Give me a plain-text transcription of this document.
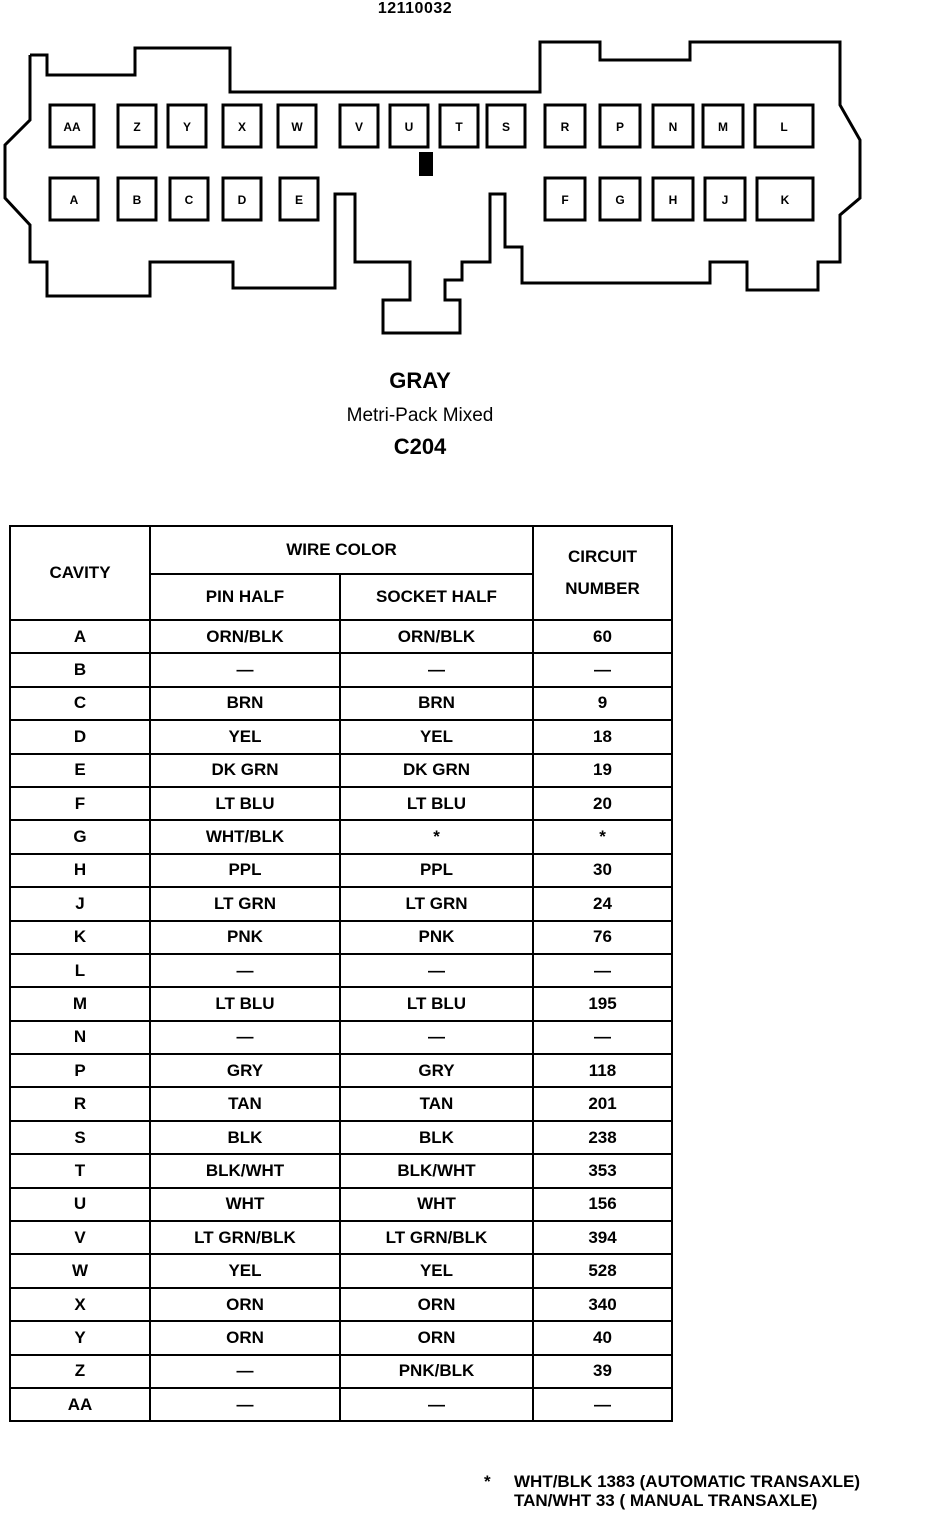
12110032
AA	Z	Y	X	W	V	U	T	S	R	P	N	M	L
A	B	C	D	E	F	G	H	J	K
GRAY
Metri-Pack Mixed
C204
CAVITY	WIRE COLOR		CIRCUIT
NUMBER

	PIN HALF	SOCKET HALF	
A	ORN/BLK	ORN/BLK	60
B	—	—	—
C	BRN	BRN	9
D	YEL	YEL	18
E	DK GRN	DK GRN	19
F	LT BLU	LT BLU	20
G	WHT/BLK	*	*
H	PPL	PPL	30
J	LT GRN	LT GRN	24
K	PNK	PNK	76
L	—	—	—
M	LT BLU	LT BLU	195
N	—	—	—
P	GRY	GRY	118
R	TAN	TAN	201
S	BLK	BLK	238
T	BLK/WHT	BLK/WHT	353
U	WHT	WHT	156
V	LT GRN/BLK	LT GRN/BLK	394
W	YEL	YEL	528
X	ORN	ORN	340
Y	ORN	ORN	40
Z	—	PNK/BLK	39
AA	—	—	—
* WHT/BLK 1383 (AUTOMATIC TRANSAXLE)
TAN/WHT 33 ( MANUAL TRANSAXLE)
